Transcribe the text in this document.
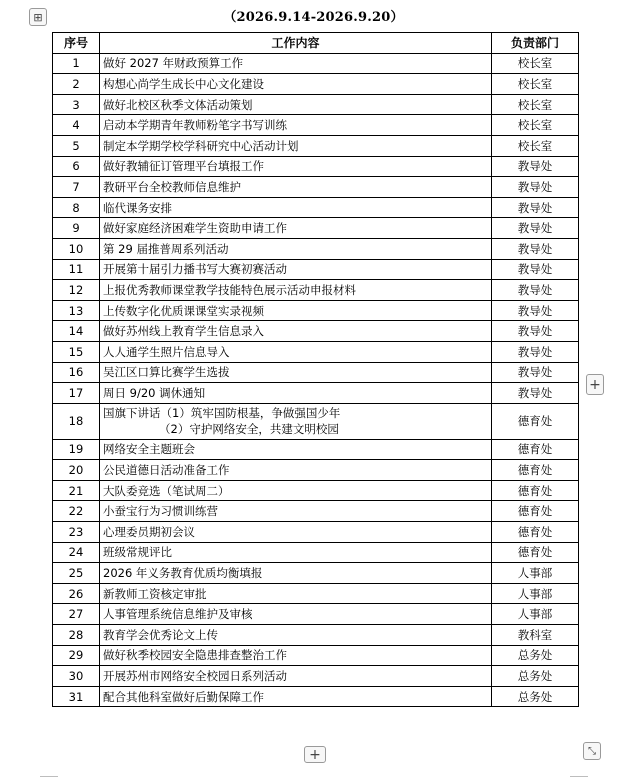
⊞	（2026.9.14-2026.9.20）
序号	工作内容	负责部门
1	做好 2027 年财政预算工作	校长室
2	构想心尚学生成长中心文化建设	校长室
3	做好北校区秋季文体活动策划	校长室
4	启动本学期青年教师粉笔字书写训练	校长室
5	制定本学期学校学科研究中心活动计划	校长室
6	做好教辅征订管理平台填报工作	教导处
7	教研平台全校教师信息维护	教导处
8	临代课务安排	教导处
9	做好家庭经济困难学生资助申请工作	教导处
10	第 29 届推普周系列活动	教导处
11	开展第十届引力播书写大赛初赛活动	教导处
12	上报优秀教师课堂教学技能特色展示活动申报材料	教导处
13	上传数字化优质课课堂实录视频	教导处
14	做好苏州线上教育学生信息录入	教导处
15	人人通学生照片信息导入	教导处
16	吴江区口算比赛学生选拔	教导处
17	周日 9/20 调休通知	教导处
18	国旗下讲话（1）筑牢国防根基，争做强国少年
（2）守护网络安全，共建文明校园	德育处
19	网络安全主题班会	德育处
20	公民道德日活动准备工作	德育处
21	大队委竞选（笔试周二）	德育处
22	小蚕宝行为习惯训练营	德育处
23	心理委员期初会议	德育处
24	班级常规评比	德育处
25	2026 年义务教育优质均衡填报	人事部
26	新教师工资核定审批	人事部
27	人事管理系统信息维护及审核	人事部
28	教育学会优秀论文上传	教科室
29	做好秋季校园安全隐患排查整治工作	总务处
30	开展苏州市网络安全校园日系列活动	总务处
31	配合其他科室做好后勤保障工作	总务处
+
+	⤡
